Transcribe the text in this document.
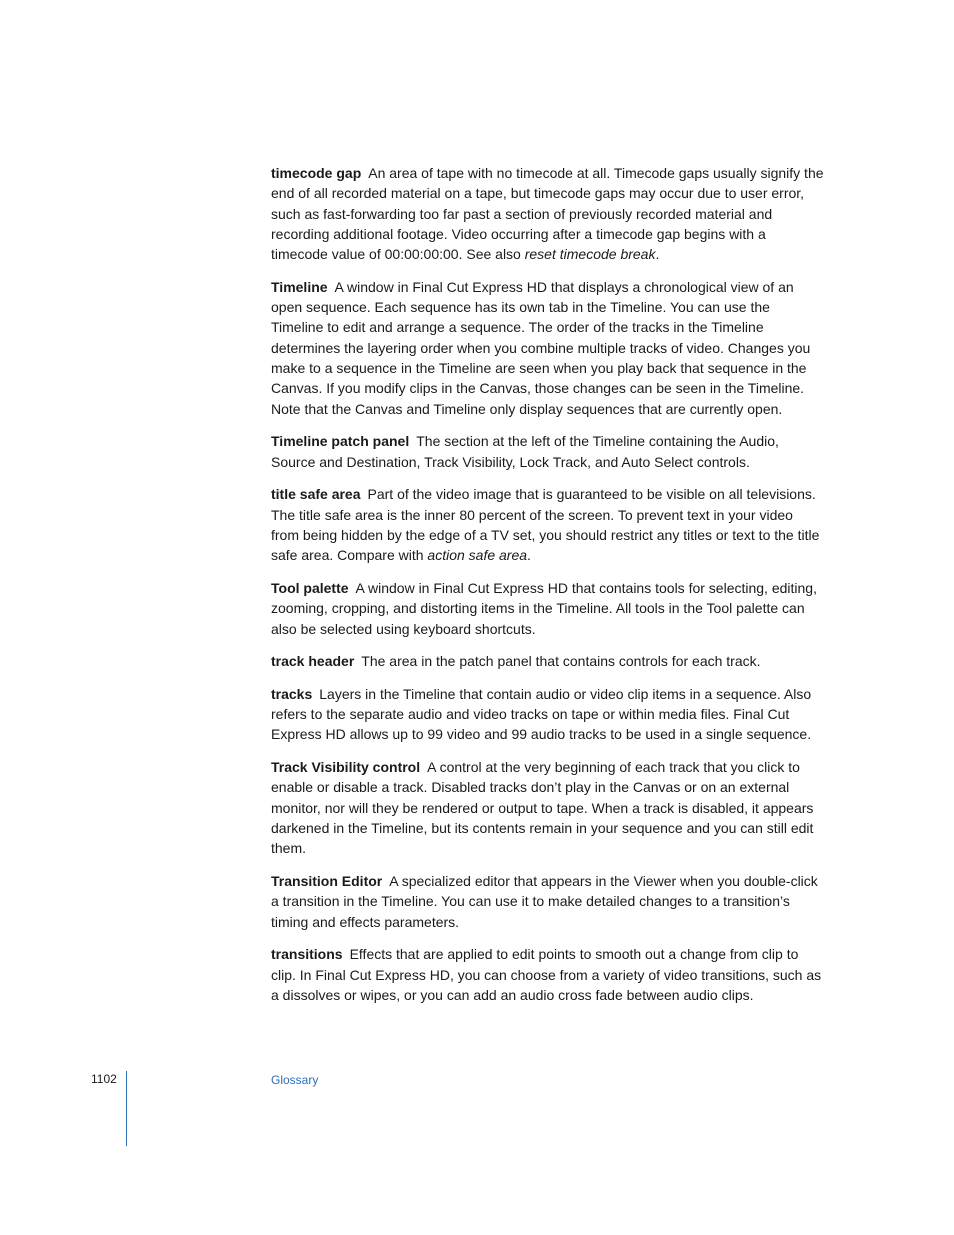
timecode gap An area of tape with no timecode at all. Timecode gaps usually signify the end of all recorded material on a tape, but timecode gaps may occur due to user error, such as fast-forwarding too far past a section of previously recorded material and recording additional footage. Video occurring after a timecode gap begins with a timecode value of 00:00:00:00. See also reset timecode break.

Timeline A window in Final Cut Express HD that displays a chronological view of an open sequence. Each sequence has its own tab in the Timeline. You can use the Timeline to edit and arrange a sequence. The order of the tracks in the Timeline determines the layering order when you combine multiple tracks of video. Changes you make to a sequence in the Timeline are seen when you play back that sequence in the Canvas. If you modify clips in the Canvas, those changes can be seen in the Timeline. Note that the Canvas and Timeline only display sequences that are currently open.

Timeline patch panel The section at the left of the Timeline containing the Audio, Source and Destination, Track Visibility, Lock Track, and Auto Select controls.

title safe area Part of the video image that is guaranteed to be visible on all televisions. The title safe area is the inner 80 percent of the screen. To prevent text in your video from being hidden by the edge of a TV set, you should restrict any titles or text to the title safe area. Compare with action safe area.

Tool palette A window in Final Cut Express HD that contains tools for selecting, editing, zooming, cropping, and distorting items in the Timeline. All tools in the Tool palette can also be selected using keyboard shortcuts.

track header The area in the patch panel that contains controls for each track.

tracks Layers in the Timeline that contain audio or video clip items in a sequence. Also refers to the separate audio and video tracks on tape or within media files. Final Cut Express HD allows up to 99 video and 99 audio tracks to be used in a single sequence.

Track Visibility control A control at the very beginning of each track that you click to enable or disable a track. Disabled tracks don’t play in the Canvas or on an external monitor, nor will they be rendered or output to tape. When a track is disabled, it appears darkened in the Timeline, but its contents remain in your sequence and you can still edit them.

Transition Editor A specialized editor that appears in the Viewer when you double-click a transition in the Timeline. You can use it to make detailed changes to a transition’s timing and effects parameters.

transitions Effects that are applied to edit points to smooth out a change from clip to clip. In Final Cut Express HD, you can choose from a variety of video transitions, such as a dissolves or wipes, or you can add an audio cross fade between audio clips.

1102	Glossary
